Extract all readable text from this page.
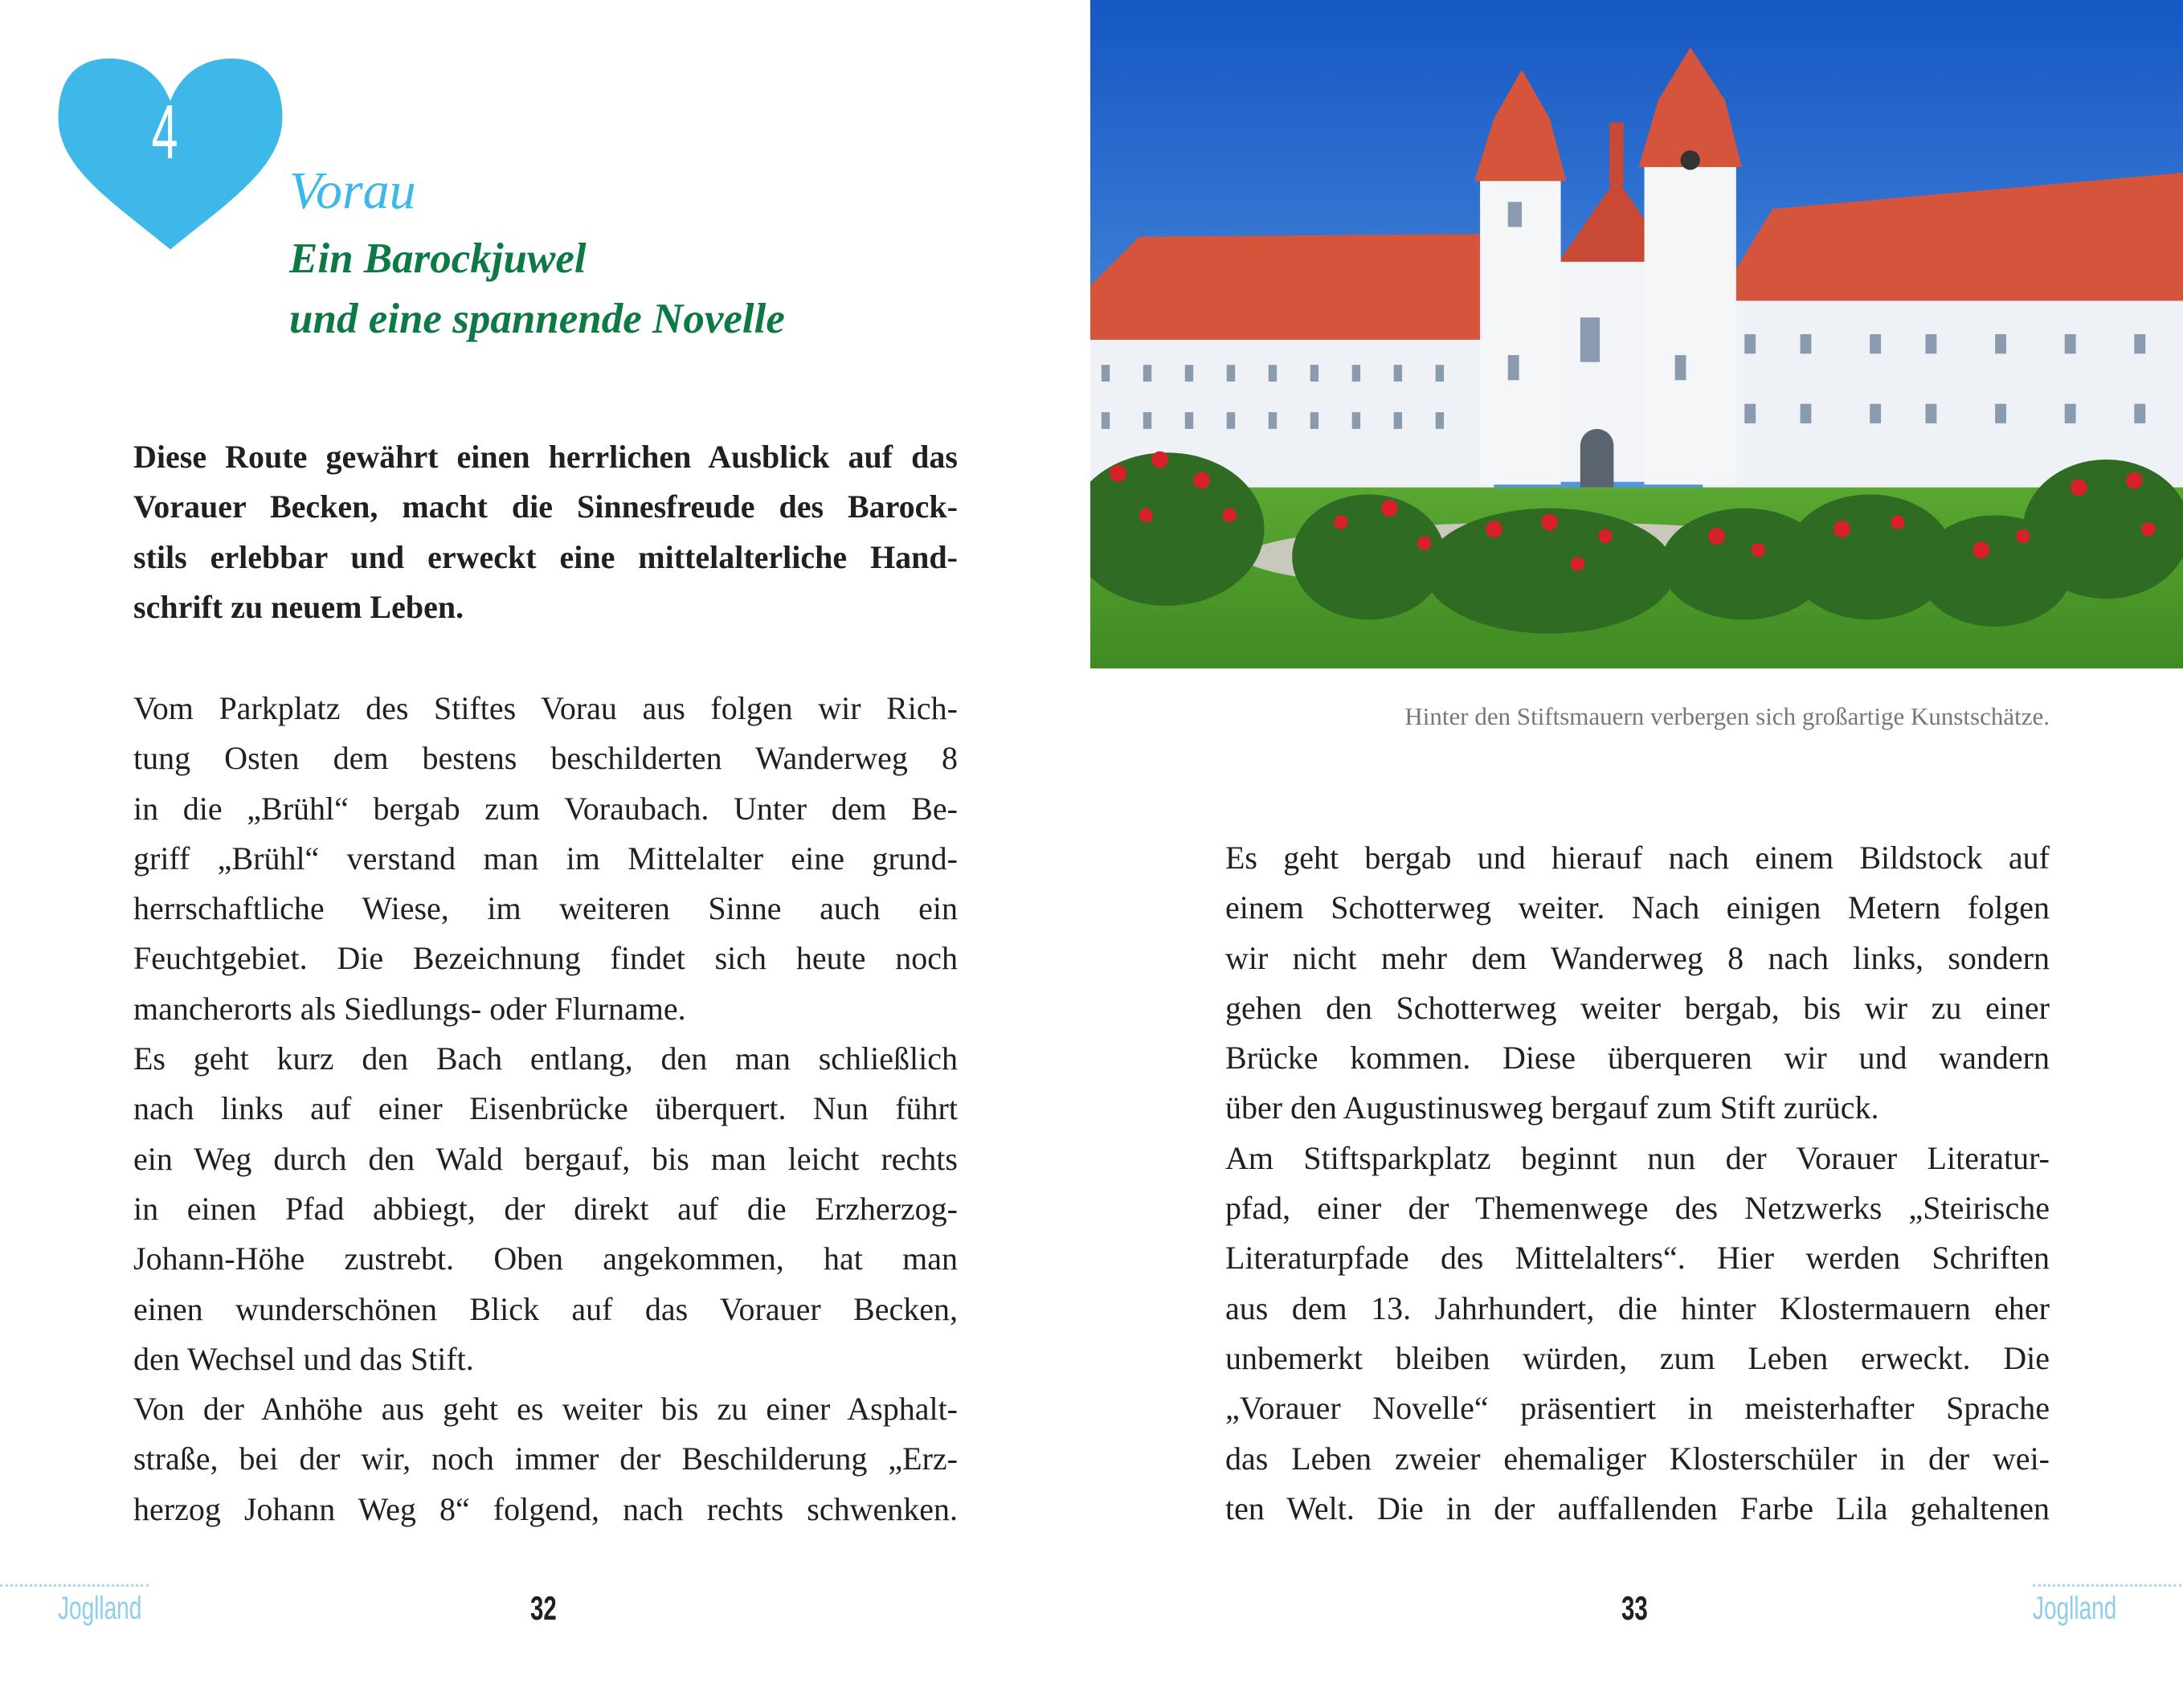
4
Vorau
Ein Barockjuwel
und eine spannende Novelle
Diese Route gewährt einen herrlichen Ausblick auf das
Vorauer Becken, macht die Sinnesfreude des Barock-
stils erlebbar und erweckt eine mittelalterliche Hand-
schrift zu neuem Leben.
Vom Parkplatz des Stiftes Vorau aus folgen wir Rich-
tung Osten dem bestens beschilderten Wanderweg 8
in die „Brühl“ bergab zum Voraubach. Unter dem Be-
griff „Brühl“ verstand man im Mittelalter eine grund-
herrschaftliche Wiese, im weiteren Sinne auch ein
Feuchtgebiet. Die Bezeichnung findet sich heute noch
mancherorts als Siedlungs- oder Flurname.
Es geht kurz den Bach entlang, den man schließlich
nach links auf einer Eisenbrücke überquert. Nun führt
ein Weg durch den Wald bergauf, bis man leicht rechts
in einen Pfad abbiegt, der direkt auf die Erzherzog-
Johann-Höhe zustrebt. Oben angekommen, hat man
einen wunderschönen Blick auf das Vorauer Becken,
den Wechsel und das Stift.
Von der Anhöhe aus geht es weiter bis zu einer Asphalt-
straße, bei der wir, noch immer der Beschilderung „Erz-
herzog Johann Weg 8“ folgend, nach rechts schwenken.
Es geht bergab und hierauf nach einem Bildstock auf
einem Schotterweg weiter. Nach einigen Metern folgen
wir nicht mehr dem Wanderweg 8 nach links, sondern
gehen den Schotterweg weiter bergab, bis wir zu einer
Brücke kommen. Diese überqueren wir und wandern
über den Augustinusweg bergauf zum Stift zurück.
Am Stiftsparkplatz beginnt nun der Vorauer Literatur-
pfad, einer der Themenwege des Netzwerks „Steirische
Literaturpfade des Mittelalters“. Hier werden Schriften
aus dem 13. Jahrhundert, die hinter Klostermauern eher
unbemerkt bleiben würden, zum Leben erweckt. Die
„Vorauer Novelle“ präsentiert in meisterhafter Sprache
das Leben zweier ehemaliger Klosterschüler in der wei-
ten Welt. Die in der auffallenden Farbe Lila gehaltenen
Hinter den Stiftsmauern verbergen sich großartige Kunstschätze.
Joglland	32	33	Joglland
